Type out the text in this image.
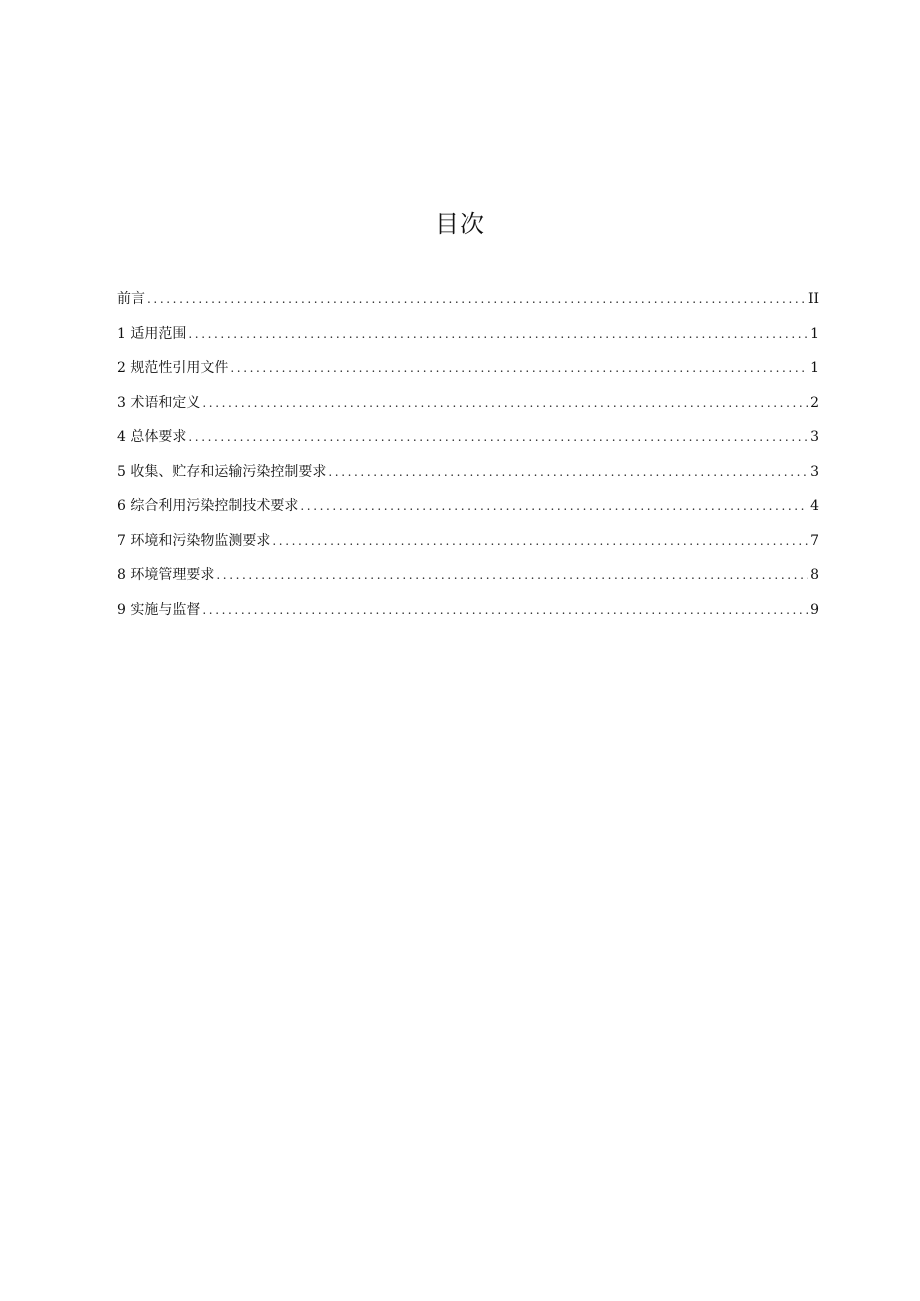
目次
前言 .....	II
1 适用范围 .....	1
2 规范性引用文件 .....	1
3 术语和定义 .....	2
4 总体要求 .....	3
5 收集、贮存和运输污染控制要求 .....	3
6 综合利用污染控制技术要求 .....	4
7 环境和污染物监测要求 .....	7
8 环境管理要求 .....	8
9 实施与监督 .....	9
